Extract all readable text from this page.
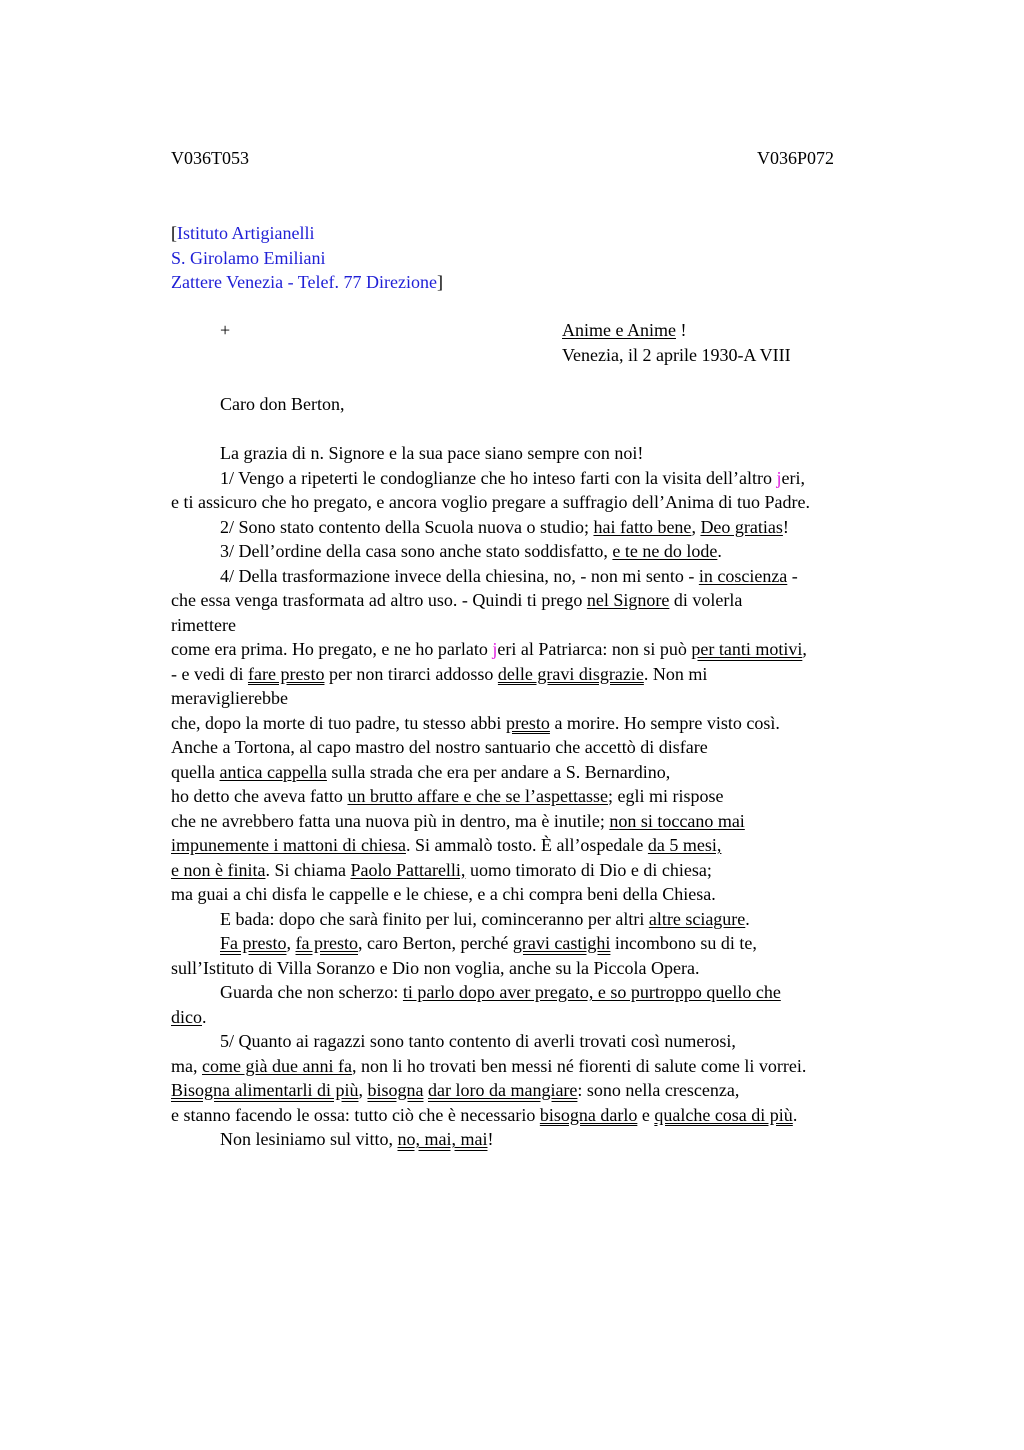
V036T053	V036P072
[Istituto Artigianelli
S. Girolamo Emiliani
Zattere Venezia - Telef. 77 Direzione]
+	Anime e Anime !
Venezia, il 2 aprile 1930-A VIII
Caro don Berton,
La grazia di n. Signore e la sua pace siano sempre con noi!
1/ Vengo a ripeterti le condoglianze che ho inteso farti con la visita dell’altro jeri,
e ti assicuro che ho pregato, e ancora voglio pregare a suffragio dell’Anima di tuo Padre.
2/ Sono stato contento della Scuola nuova o studio; hai fatto bene, Deo gratias!
3/ Dell’ordine della casa sono anche stato soddisfatto, e te ne do lode.
4/ Della trasformazione invece della chiesina, no, - non mi sento - in coscienza -
che essa venga trasformata ad altro uso. - Quindi ti prego nel Signore di volerla
rimettere
come era prima. Ho pregato, e ne ho parlato jeri al Patriarca: non si può per tanti motivi,
- e vedi di fare presto per non tirarci addosso delle gravi disgrazie. Non mi
meraviglierebbe
che, dopo la morte di tuo padre, tu stesso abbi presto a morire. Ho sempre visto così.
Anche a Tortona, al capo mastro del nostro santuario che accettò di disfare
quella antica cappella sulla strada che era per andare a S. Bernardino,
ho detto che aveva fatto un brutto affare e che se l’aspettasse; egli mi rispose
che ne avrebbero fatta una nuova più in dentro, ma è inutile; non si toccano mai
impunemente i mattoni di chiesa. Si ammalò tosto. È all’ospedale da 5 mesi,
e non è finita. Si chiama Paolo Pattarelli, uomo timorato di Dio e di chiesa;
ma guai a chi disfa le cappelle e le chiese, e a chi compra beni della Chiesa.
E bada: dopo che sarà finito per lui, cominceranno per altri altre sciagure.
Fa presto, fa presto, caro Berton, perché gravi castighi incombono su di te,
sull’Istituto di Villa Soranzo e Dio non voglia, anche su la Piccola Opera.
Guarda che non scherzo: ti parlo dopo aver pregato, e so purtroppo quello che
dico.
5/ Quanto ai ragazzi sono tanto contento di averli trovati così numerosi,
ma, come già due anni fa, non li ho trovati ben messi né fiorenti di salute come li vorrei.
Bisogna alimentarli di più, bisogna dar loro da mangiare: sono nella crescenza,
e stanno facendo le ossa: tutto ciò che è necessario bisogna darlo e qualche cosa di più.
Non lesiniamo sul vitto, no, mai, mai!
